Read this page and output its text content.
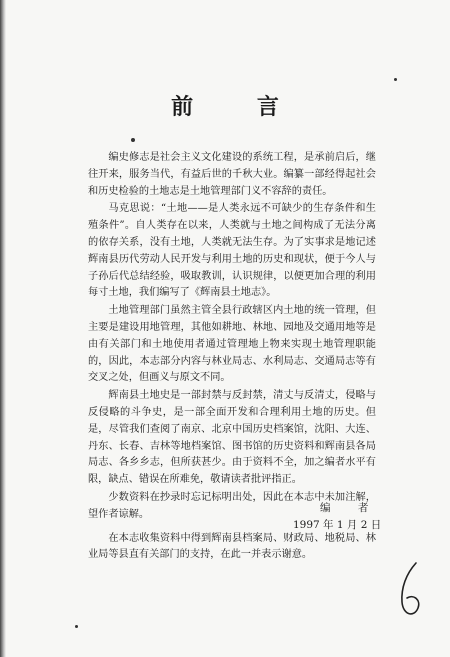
前 言

编史修志是社会主义文化建设的系统工程，是承前启后，继往开来，服务当代，有益后世的千秋大业。编纂一部经得起社会和历史检验的土地志是土地管理部门义不容辞的责任。

马克思说：“土地——是人类永远不可缺少的生存条件和生殖条件”。自人类存在以来，人类就与土地之间构成了无法分离的依存关系，没有土地，人类就无法生存。为了实事求是地记述辉南县历代劳动人民开发与利用土地的历史和现状，便于今人与子孙后代总结经验，吸取教训，认识规律，以便更加合理的利用每寸土地，我们编写了《辉南县土地志》。

土地管理部门虽然主管全县行政辖区内土地的统一管理，但主要是建设用地管理，其他如耕地、林地、园地及交通用地等是由有关部门和土地使用者通过管理地上物来实现土地管理职能的，因此，本志部分内容与林业局志、水利局志、交通局志等有交叉之处，但画义与原文不同。

辉南县土地史是一部封禁与反封禁，清丈与反清丈，侵略与反侵略的斗争史，是一部全面开发和合理利用土地的历史。但是，尽管我们查阅了南京、北京中国历史档案馆，沈阳、大连、丹东、长春、吉林等地档案馆、图书馆的历史资料和辉南县各局局志、各乡乡志，但所获甚少。由于资料不全，加之编者水平有限，缺点、错误在所难免，敬请读者批评指正。

少数资料在抄录时忘记标明出处，因此在本志中未加注解，望作者谅解。

在本志收集资料中得到辉南县档案局、财政局、地税局、林业局等县直有关部门的支持，在此一并表示谢意。

编 者
1997 年 1 月 2 日
